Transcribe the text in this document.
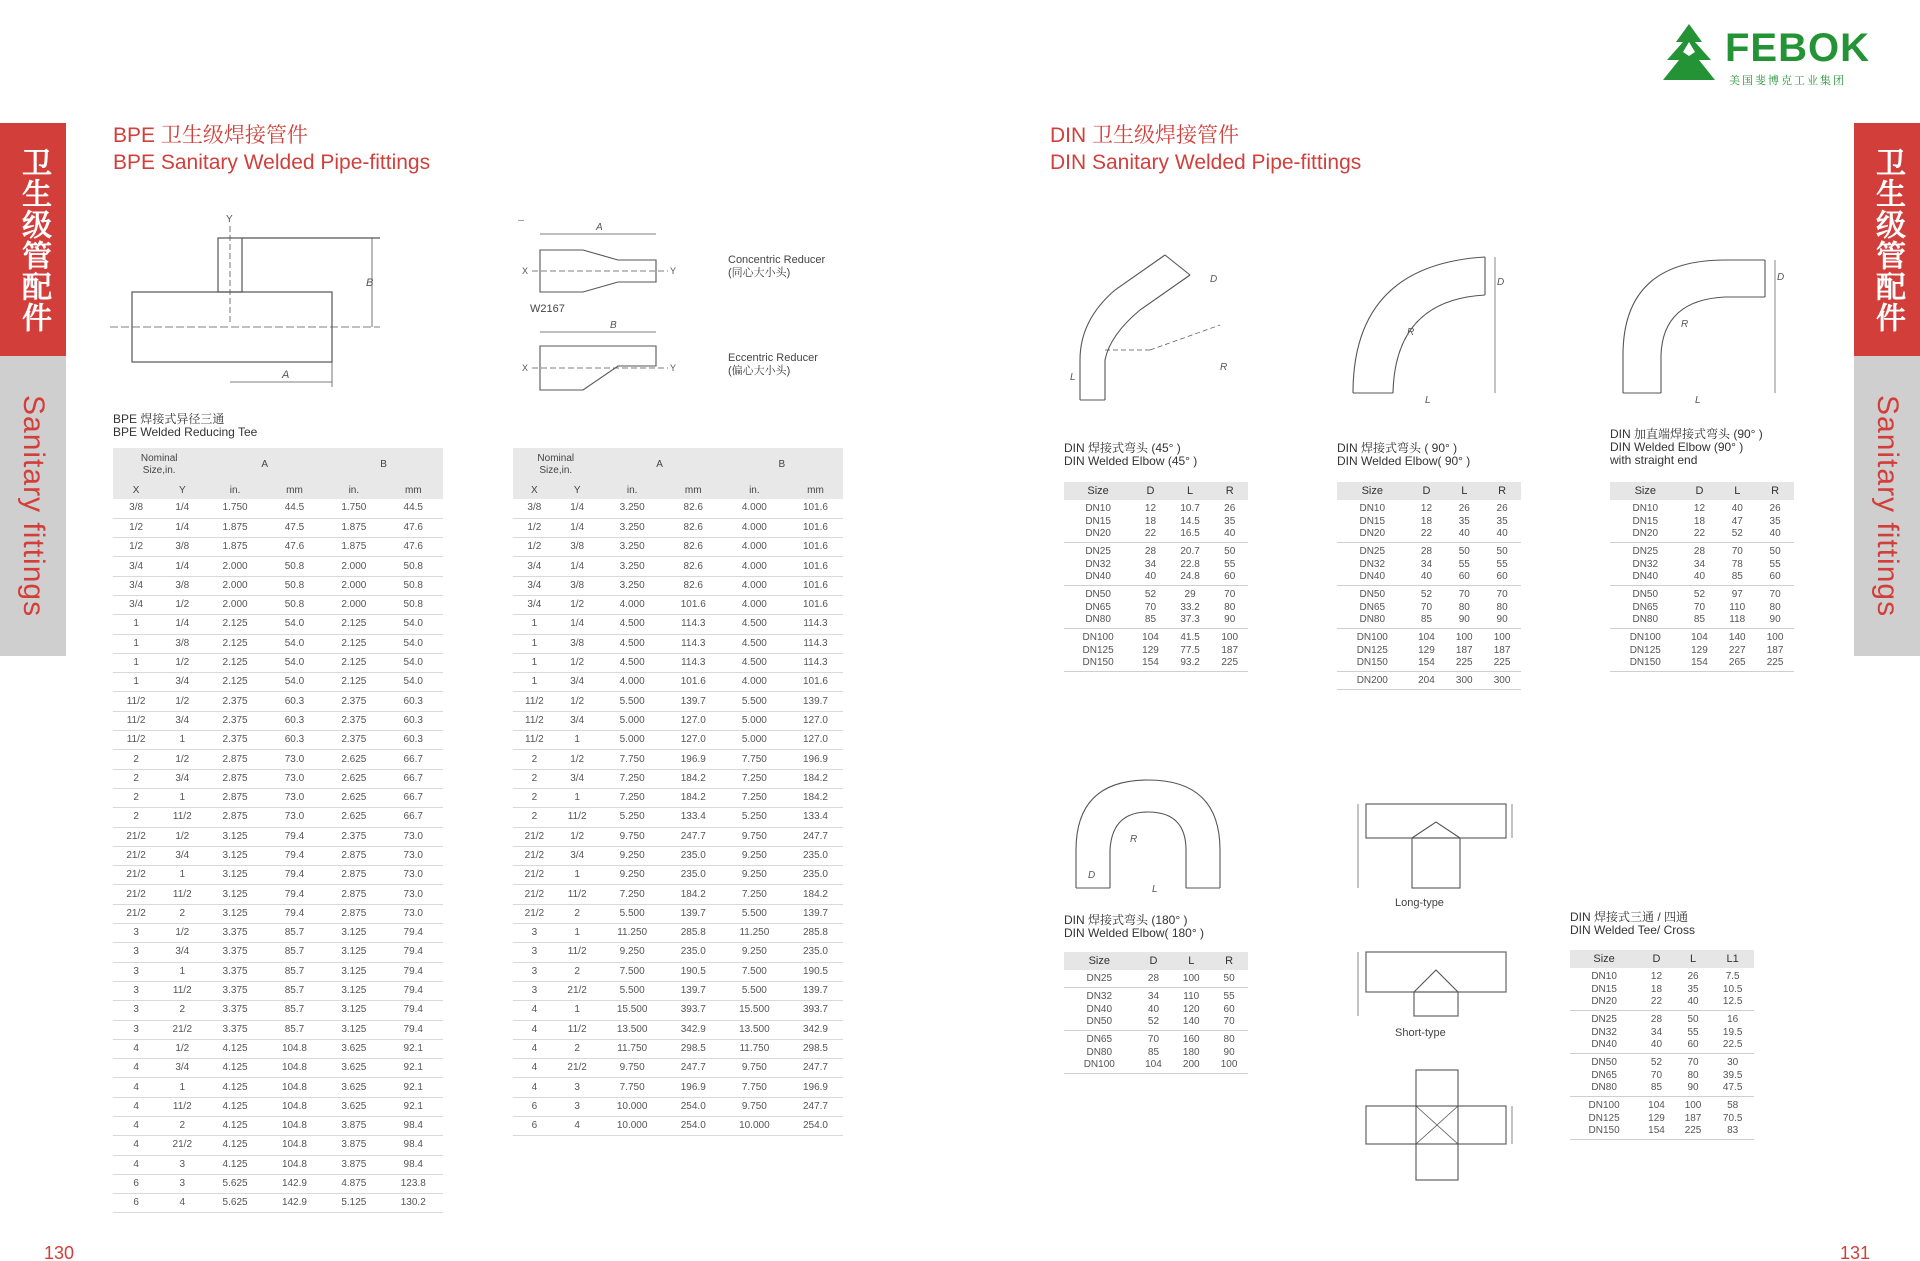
FEBOK
美国斐博克工业集团
卫生级管配件
Sanitary fittings
卫生级管配件
Sanitary fittings
BPE 卫生级焊接管件
BPE Sanitary Welded Pipe-fittings
DIN 卫生级焊接管件
DIN Sanitary Welded Pipe-fittings
Y
B
A
A
X	Y
B
X	Y
Concentric Reducer
(同心大小头)
W2167
Eccentric Reducer
(偏心大小头)
BPE 焊接式异径三通
BPE Welded Reducing Tee
Nominal
Size,in.		A		B	
X	Y	in.	mm	in.	mm
3/8	1/4	1.750	44.5	1.750	44.5
1/2	1/4	1.875	47.5	1.875	47.6
1/2	3/8	1.875	47.6	1.875	47.6
3/4	1/4	2.000	50.8	2.000	50.8
3/4	3/8	2.000	50.8	2.000	50.8
3/4	1/2	2.000	50.8	2.000	50.8
1	1/4	2.125	54.0	2.125	54.0
1	3/8	2.125	54.0	2.125	54.0
1	1/2	2.125	54.0	2.125	54.0
1	3/4	2.125	54.0	2.125	54.0
11/2	1/2	2.375	60.3	2.375	60.3
11/2	3/4	2.375	60.3	2.375	60.3
11/2	1	2.375	60.3	2.375	60.3
2	1/2	2.875	73.0	2.625	66.7
2	3/4	2.875	73.0	2.625	66.7
2	1	2.875	73.0	2.625	66.7
2	11/2	2.875	73.0	2.625	66.7
21/2	1/2	3.125	79.4	2.375	73.0
21/2	3/4	3.125	79.4	2.875	73.0
21/2	1	3.125	79.4	2.875	73.0
21/2	11/2	3.125	79.4	2.875	73.0
21/2	2	3.125	79.4	2.875	73.0
3	1/2	3.375	85.7	3.125	79.4
3	3/4	3.375	85.7	3.125	79.4
3	1	3.375	85.7	3.125	79.4
3	11/2	3.375	85.7	3.125	79.4
3	2	3.375	85.7	3.125	79.4
3	21/2	3.375	85.7	3.125	79.4
4	1/2	4.125	104.8	3.625	92.1
4	3/4	4.125	104.8	3.625	92.1
4	1	4.125	104.8	3.625	92.1
4	11/2	4.125	104.8	3.625	92.1
4	2	4.125	104.8	3.875	98.4
4	21/2	4.125	104.8	3.875	98.4
4	3	4.125	104.8	3.875	98.4
6	3	5.625	142.9	4.875	123.8
6	4	5.625	142.9	5.125	130.2
Nominal
Size,in.		A		B	
X	Y	in.	mm	in.	mm
3/8	1/4	3.250	82.6	4.000	101.6
1/2	1/4	3.250	82.6	4.000	101.6
1/2	3/8	3.250	82.6	4.000	101.6
3/4	1/4	3.250	82.6	4.000	101.6
3/4	3/8	3.250	82.6	4.000	101.6
3/4	1/2	4.000	101.6	4.000	101.6
1	1/4	4.500	114.3	4.500	114.3
1	3/8	4.500	114.3	4.500	114.3
1	1/2	4.500	114.3	4.500	114.3
1	3/4	4.000	101.6	4.000	101.6
11/2	1/2	5.500	139.7	5.500	139.7
11/2	3/4	5.000	127.0	5.000	127.0
11/2	1	5.000	127.0	5.000	127.0
2	1/2	7.750	196.9	7.750	196.9
2	3/4	7.250	184.2	7.250	184.2
2	1	7.250	184.2	7.250	184.2
2	11/2	5.250	133.4	5.250	133.4
21/2	1/2	9.750	247.7	9.750	247.7
21/2	3/4	9.250	235.0	9.250	235.0
21/2	1	9.250	235.0	9.250	235.0
21/2	11/2	7.250	184.2	7.250	184.2
21/2	2	5.500	139.7	5.500	139.7
3	1	11.250	285.8	11.250	285.8
3	11/2	9.250	235.0	9.250	235.0
3	2	7.500	190.5	7.500	190.5
3	21/2	5.500	139.7	5.500	139.7
4	1	15.500	393.7	15.500	393.7
4	11/2	13.500	342.9	13.500	342.9
4	2	11.750	298.5	11.750	298.5
4	21/2	9.750	247.7	9.750	247.7
4	3	7.750	196.9	7.750	196.9
6	3	10.000	254.0	9.750	247.7
6	4	10.000	254.0	10.000	254.0
R
D
L
D
R
L
D
R
L
DIN 焊接式弯头 (45° )
DIN Welded Elbow (45° )
Size	D	L	R
DN10	12	10.7	26
DN15	18	14.5	35
DN20	22	16.5	40
DN25	28	20.7	50
DN32	34	22.8	55
DN40	40	24.8	60
DN50	52	29	70
DN65	70	33.2	80
DN80	85	37.3	90
DN100	104	41.5	100
DN125	129	77.5	187
DN150	154	93.2	225
DIN 焊接式弯头 ( 90° )
DIN Welded Elbow( 90° )
Size	D	L	R
DN10	12	26	26
DN15	18	35	35
DN20	22	40	40
DN25	28	50	50
DN32	34	55	55
DN40	40	60	60
DN50	52	70	70
DN65	70	80	80
DN80	85	90	90
DN100	104	100	100
DN125	129	187	187
DN150	154	225	225
DN200	204	300	300
DIN 加直端焊接式弯头 (90° )
DIN Welded Elbow (90° )
with straight end
Size	D	L	R
DN10	12	40	26
DN15	18	47	35
DN20	22	52	40
DN25	28	70	50
DN32	34	78	55
DN40	40	85	60
DN50	52	97	70
DN65	70	110	80
DN80	85	118	90
DN100	104	140	100
DN125	129	227	187
DN150	154	265	225
R
D
L
DIN 焊接式弯头 (180° )
DIN Welded Elbow( 180° )
Size	D	L	R
DN25	28	100	50
DN32	34	110	55
DN40	40	120	60
DN50	52	140	70
DN65	70	160	80
DN80	85	180	90
DN100	104	200	100
Long-type
Short-type
DIN 焊接式三通 / 四通
DIN Welded Tee/ Cross
Size	D	L	L1
DN10	12	26	7.5
DN15	18	35	10.5
DN20	22	40	12.5
DN25	28	50	16
DN32	34	55	19.5
DN40	40	60	22.5
DN50	52	70	30
DN65	70	80	39.5
DN80	85	90	47.5
DN100	104	100	58
DN125	129	187	70.5
DN150	154	225	83
130	131
